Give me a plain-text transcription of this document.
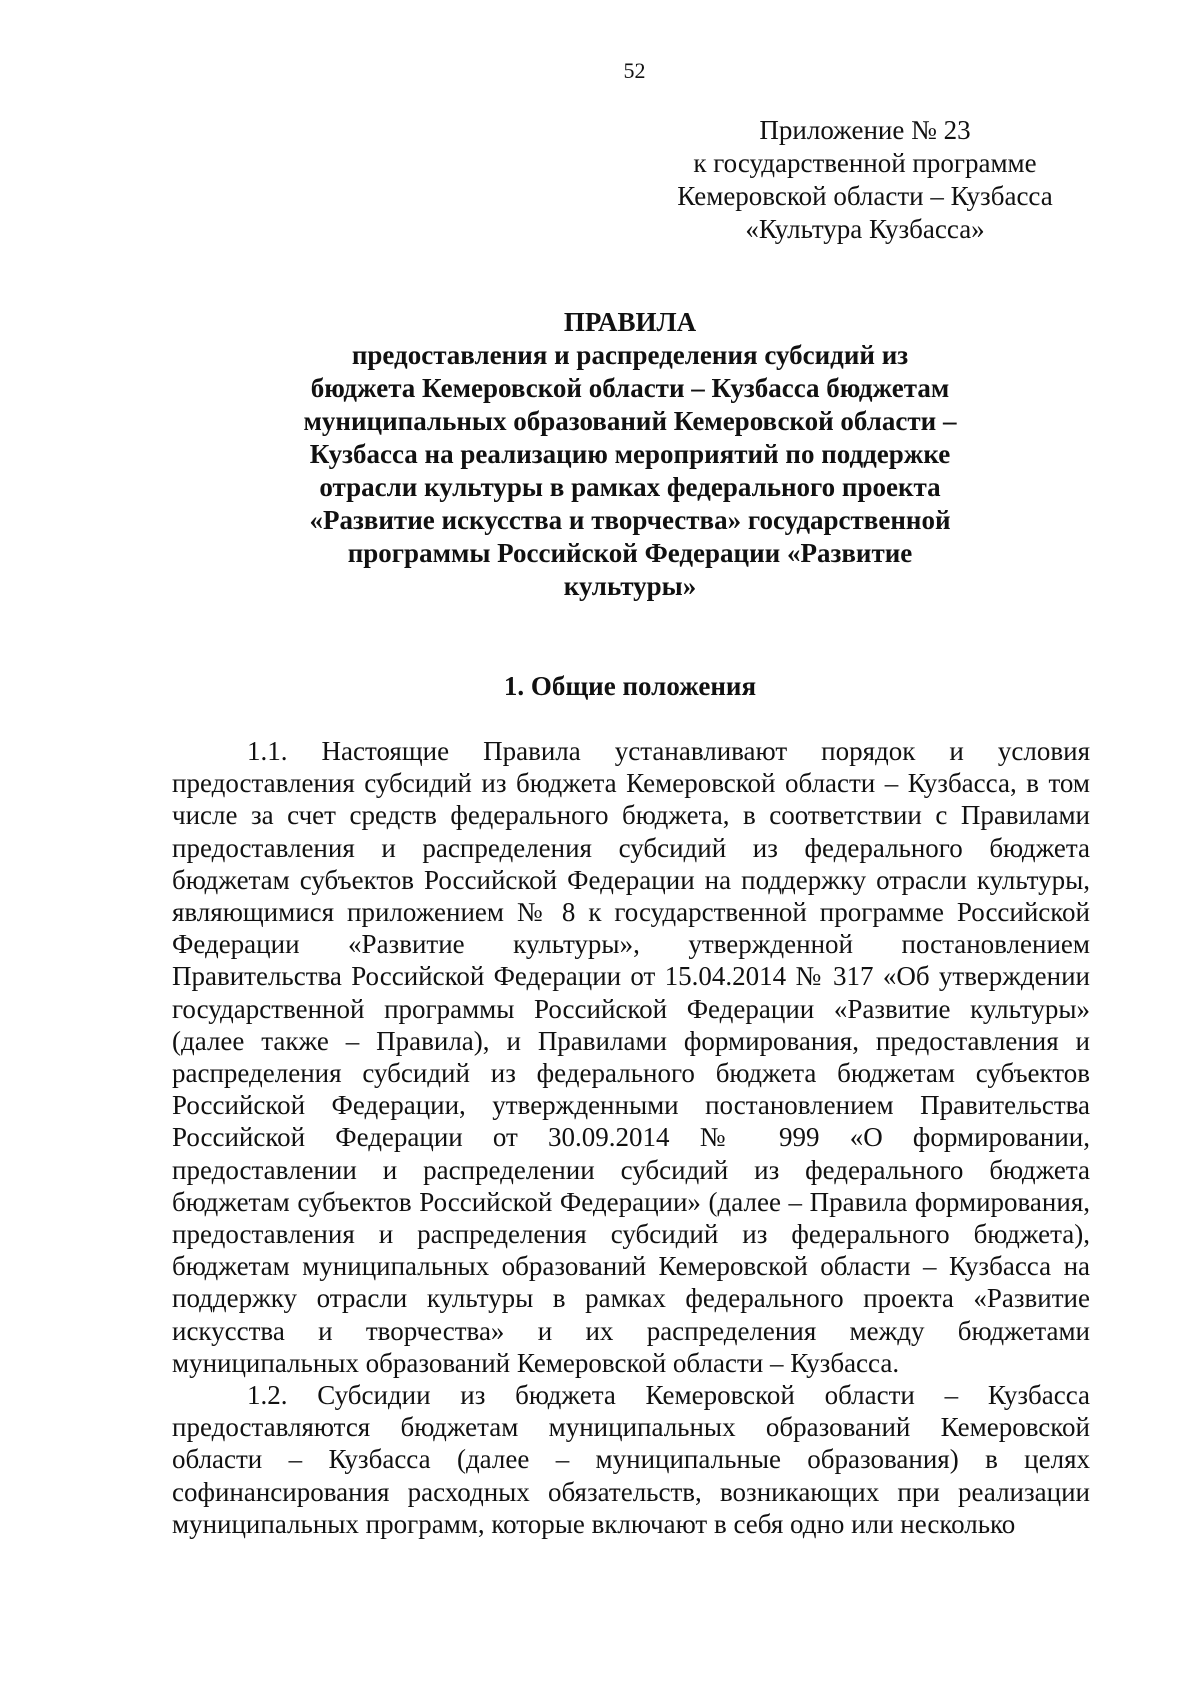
52
Приложение № 23
к государственной программе
Кемеровской области – Кузбасса
«Культура Кузбасса»
ПРАВИЛА
предоставления и распределения субсидий из
бюджета Кемеровской области – Кузбасса бюджетам
муниципальных образований Кемеровской области –
Кузбасса на реализацию мероприятий по поддержке
отрасли культуры в рамках федерального проекта
«Развитие искусства и творчества» государственной
программы Российской Федерации «Развитие
культуры»
1. Общие положения

1.1. Настоящие Правила устанавливают порядок и условия предоставления субсидий из бюджета Кемеровской области – Кузбасса, в том числе за счет средств федерального бюджета, в соответствии с Правилами предоставления и распределения субсидий из федерального бюджета бюджетам субъектов Российской Федерации на поддержку отрасли культуры, являющимися приложением № 8 к государственной программе Российской Федерации «Развитие культуры», утвержденной постановлением Правительства Российской Федерации от 15.04.2014 № 317 «Об утверждении государственной программы Российской Федерации «Развитие культуры» (далее также – Правила), и Правилами формирования, предоставления и распределения субсидий из федерального бюджета бюджетам субъектов Российской Федерации, утвержденными постановлением Правительства Российской Федерации от 30.09.2014 № 999 «О формировании, предоставлении и распределении субсидий из федерального бюджета бюджетам субъектов Российской Федерации» (далее – Правила формирования, предоставления и распределения субсидий из федерального бюджета), бюджетам муниципальных образований Кемеровской области – Кузбасса на поддержку отрасли культуры в рамках федерального проекта «Развитие искусства и творчества» и их распределения между бюджетами муниципальных образований Кемеровской области – Кузбасса.

1.2. Субсидии из бюджета Кемеровской области – Кузбасса предоставляются бюджетам муниципальных образований Кемеровской области – Кузбасса (далее – муниципальные образования) в целях софинансирования расходных обязательств, возникающих при реализации муниципальных программ, которые включают в себя одно или несколько
